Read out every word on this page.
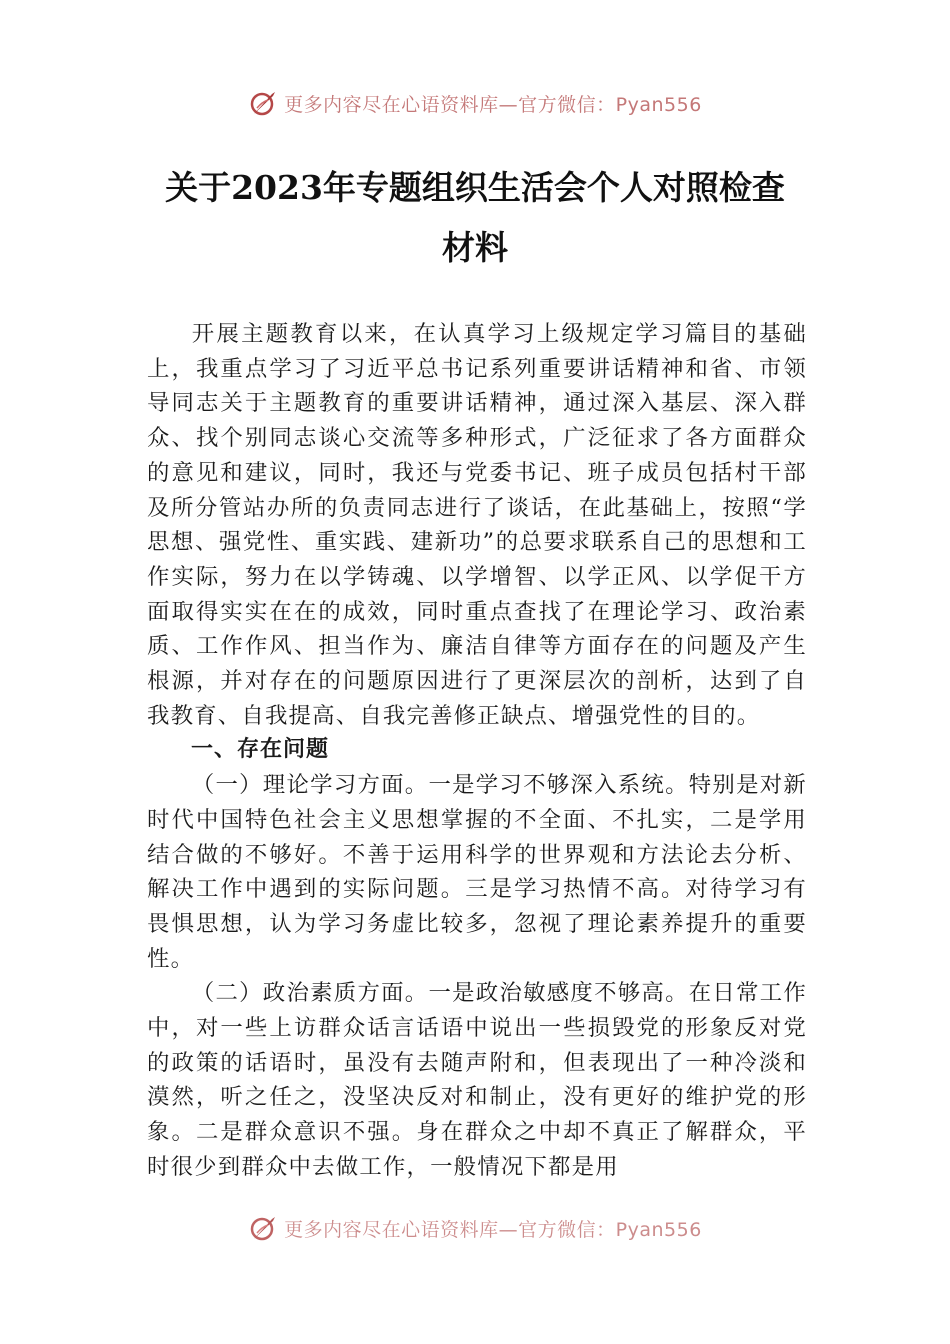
更多内容尽在心语资料库—官方微信：Pyan556
关于2023年专题组织生活会个人对照检查
材料

开展主题教育以来，在认真学习上级规定学习篇目的基础上，我重点学习了习近平总书记系列重要讲话精神和省、市领导同志关于主题教育的重要讲话精神，通过深入基层、深入群众、找个别同志谈心交流等多种形式，广泛征求了各方面群众的意见和建议，同时，我还与党委书记、班子成员包括村干部及所分管站办所的负责同志进行了谈话，在此基础上，按照“学思想、强党性、重实践、建新功”的总要求联系自己的思想和工作实际，努力在以学铸魂、以学增智、以学正风、以学促干方面取得实实在在的成效，同时重点查找了在理论学习、政治素质、工作作风、担当作为、廉洁自律等方面存在的问题及产生根源，并对存在的问题原因进行了更深层次的剖析，达到了自我教育、自我提高、自我完善修正缺点、增强党性的目的。

一、存在问题

（一）理论学习方面。一是学习不够深入系统。特别是对新时代中国特色社会主义思想掌握的不全面、不扎实，二是学用结合做的不够好。不善于运用科学的世界观和方法论去分析、解决工作中遇到的实际问题。三是学习热情不高。对待学习有畏惧思想，认为学习务虚比较多，忽视了理论素养提升的重要性。

（二）政治素质方面。一是政治敏感度不够高。在日常工作中，对一些上访群众话言话语中说出一些损毁党的形象反对党的政策的话语时，虽没有去随声附和，但表现出了一种冷淡和漠然，听之任之，没坚决反对和制止，没有更好的维护党的形象。二是群众意识不强。身在群众之中却不真正了解群众，平时很少到群众中去做工作，一般情况下都是用

更多内容尽在心语资料库—官方微信：Pyan556
